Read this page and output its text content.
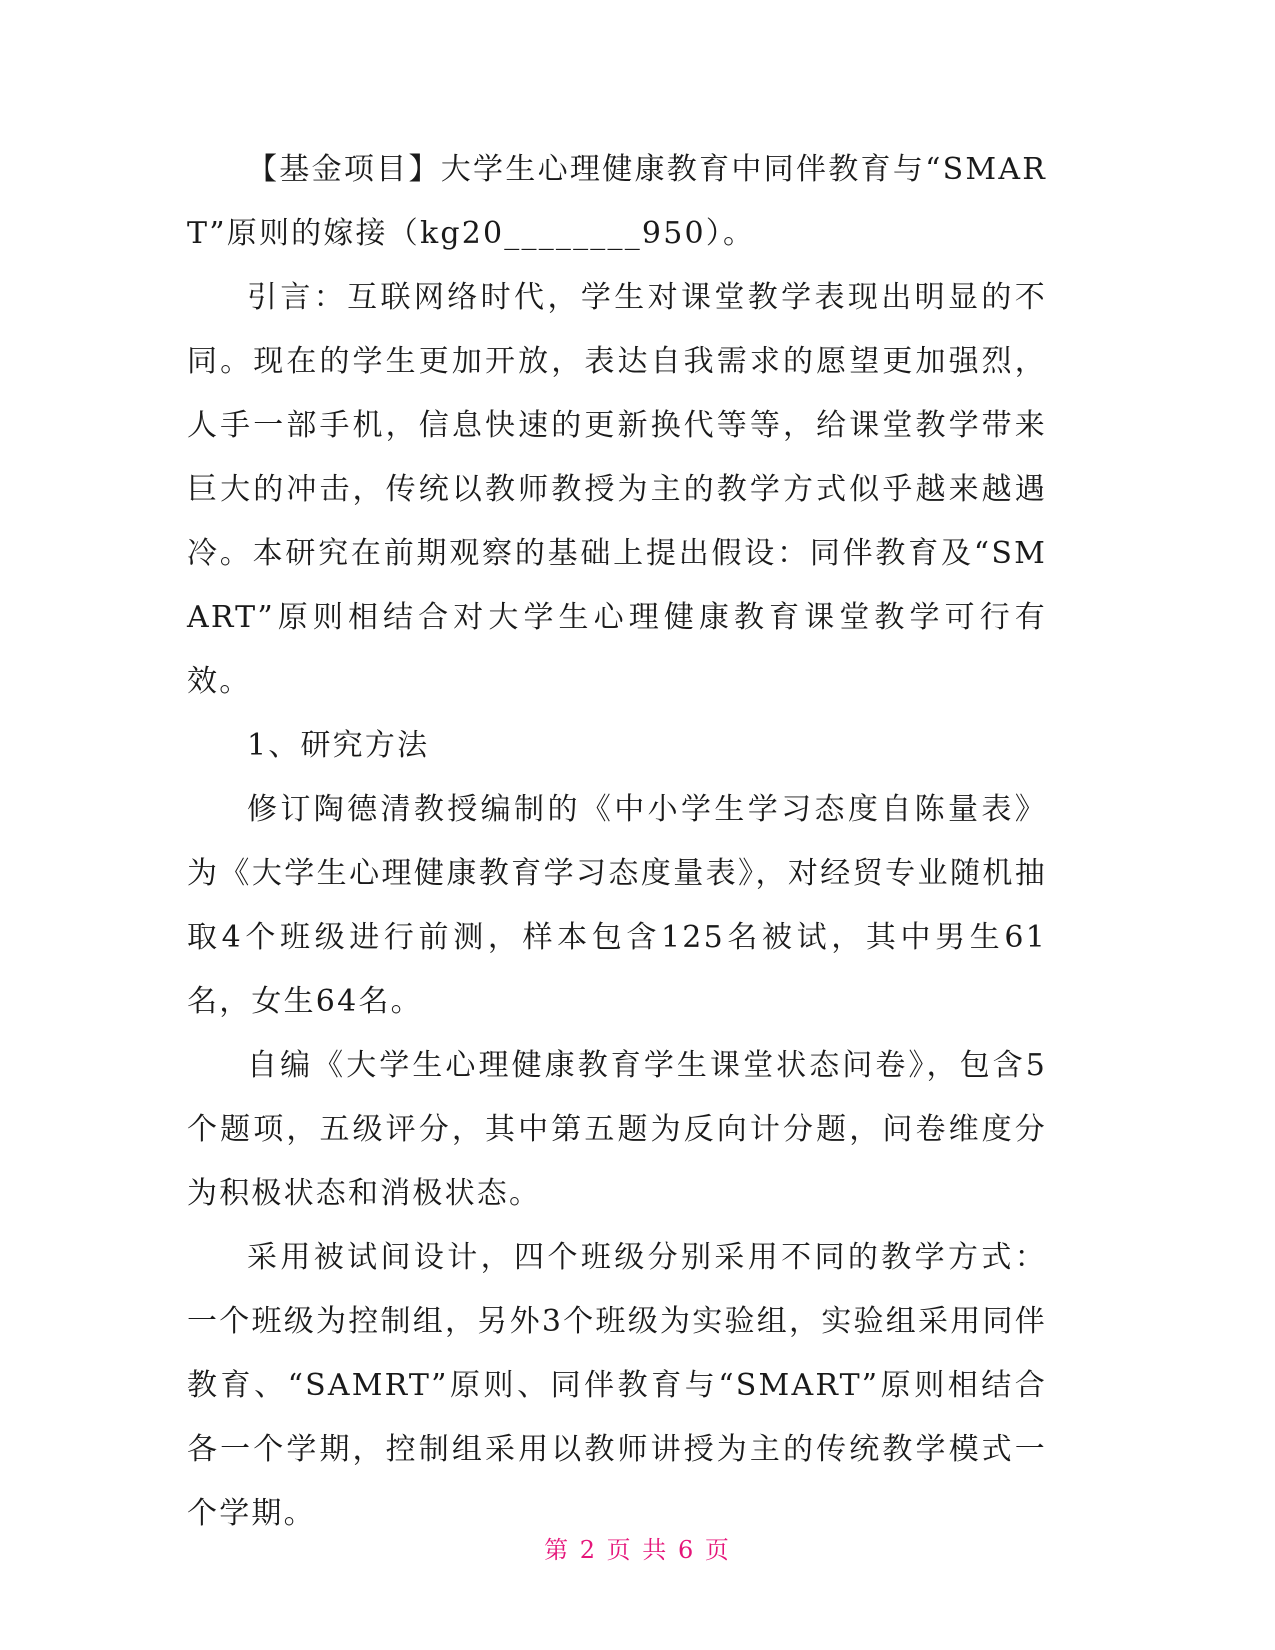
【基金项目】大学生心理健康教育中同伴教育与“SMART”原则的嫁接（kg20________950）。

引言：互联网络时代，学生对课堂教学表现出明显的不同。现在的学生更加开放，表达自我需求的愿望更加强烈，人手一部手机，信息快速的更新换代等等，给课堂教学带来巨大的冲击，传统以教师教授为主的教学方式似乎越来越遇冷。本研究在前期观察的基础上提出假设：同伴教育及“SMART”原则相结合对大学生心理健康教育课堂教学可行有效。

1、研究方法

修订陶德清教授编制的《中小学生学习态度自陈量表》为《大学生心理健康教育学习态度量表》，对经贸专业随机抽取4个班级进行前测，样本包含125名被试，其中男生61名，女生64名。

自编《大学生心理健康教育学生课堂状态问卷》，包含5个题项，五级评分，其中第五题为反向计分题，问卷维度分为积极状态和消极状态。

采用被试间设计，四个班级分别采用不同的教学方式：一个班级为控制组，另外3个班级为实验组，实验组采用同伴教育、“SAMRT”原则、同伴教育与“SMART”原则相结合各一个学期，控制组采用以教师讲授为主的传统教学模式一个学期。

第 2 页 共 6 页
